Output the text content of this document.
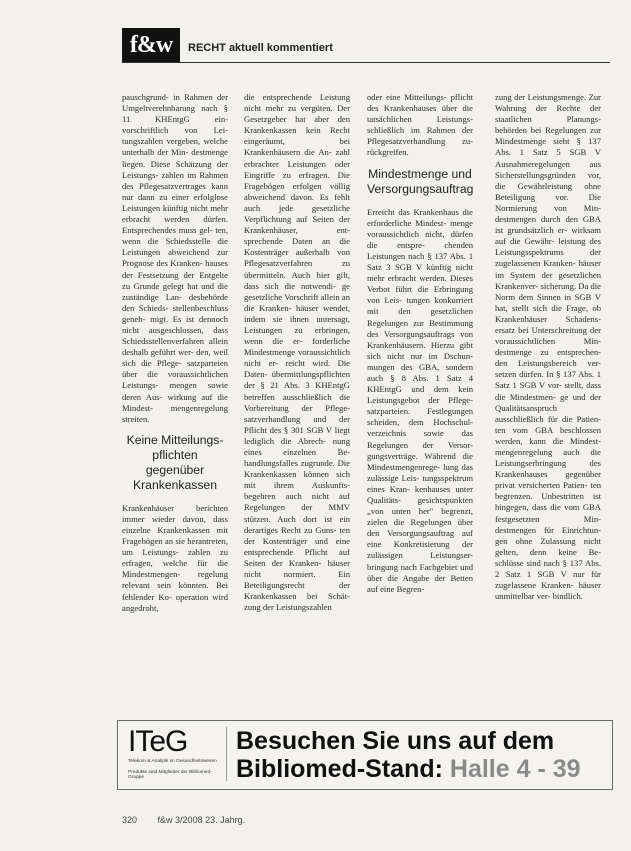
f&w	RECHT aktuell kommentiert

pauschgrund- in Rahmen der Umgeltverehnbarung nach § 11 KHEntgG ein- vorschriftlich von Lei- tungszahlen vergeben, welche unterhalb der Min- destmenge liegen. Diese Schätzung der Leistungs- zahlen im Rahmen des Pflegesatzvertrages kann nur dann zu einer erfolglose Leistungen künftig nicht mehr erbracht werden dürfen. Entsprechendes muss gel- ten, wenn die Schiedsstelle die Leistungen abweichend zur Prognose des Kranken- hauses der Festsetzung der Entgelte zu Grunde gelegt hat und die zuständige Lan- desbehörde den Schieds- stellenbeschluss geneh- migt. Es ist dennoch nicht ausgeschlossen, dass Schiedsstellenverfahren allein deshalb geführt wer- den, weil sich die Pflege- satzparteien über die voraussichtlichen Leistungs- mengen sowie deren Aus- wirkung auf die Mindest- mengenregelung streiten.

Keine Mitteilungs- pflichten gegenüber Krankenkassen

Krankenhäuser berichten immer wieder davon, dass einzelne Krankenkassen mit Fragebögen an sie herantreten, um Leistungs- zahlen zu erfragen, welche für die Mindestmengen- regelung relevant sein könnten. Bei fehlender Ko- operation wird angedroht,

die entsprechende Leistung nicht mehr zu vergüten. Der Gesetzgeber hat aber den Krankenkassen kein Recht eingeräumt, bei Krankenhäusern die An- zahl erbrachter Leistungen oder Eingriffe zu erfragen. Die Fragebögen erfolgen völlig abweichend davon. Es fehlt auch jede gesetzliche Verpflichtung auf Seiten der Krankenhäuser, ent- sprechende Daten an die Kostenträger außerhalb von Pflegesatzverfahren zu übermitteln. Auch hier gilt, dass sich die notwendi- ge gesetzliche Vorschrift allein an die Kranken- häuser wendet, indem sie ihnen untersagt, Leistungen zu erbringen, wenn die er- forderliche Mindestmenge voraussichtlich nicht er- reicht wird. Die Daten- übermittlungspflichten der § 21 Abs. 3 KHEntgG betreffen ausschließlich die Vorbereitung der Pflege- satzverhandlung und der Pflicht des § 301 SGB V liegt lediglich die Abrech- nung eines einzelnen Be- handlungsfalles zugrunde. Die Krankenkassen können sich mit ihrem Auskunfts- begehren auch nicht auf Regelungen der MMV stützen. Auch dort ist ein derartiges Recht zu Guns- ten der Kostenträger und eine entsprechende Pflicht auf Seiten der Kranken- häuser nicht normiert. Ein Beteiligungsrecht der Krankenkassen bei Schät- zung der Leistungszahlen

oder eine Mitteilungs- pflicht des Krankenhauses über die tatsächlichen Leistungs- schließlich im Rahmen der Pflegesatzverhandlung zu- rückgreifen.

Mindestmenge und Versorgungsauftrag

Erreicht das Krankenhaus die erforderliche Mindest- menge voraussichtlich nicht, dürfen die entspre- chenden Leistungen nach § 137 Abs. 1 Satz 3 SGB V künftig nicht mehr erbracht werden. Dieses Verbot führt die Erbringung von Leis- tungen konkurriert mit den gesetzlichen Regelungen zur Bestimmung des Versorgungsauftrags von Krankenhäusern. Hierzu gibt sich nicht nur im Dschun- mungen des GBA, sondern auch § 8 Abs. 1 Satz 4 KHEntgG und dem kein Leistungsgebot der Pflege- satzparteien. Festlegungen scheiden, dem Hochschul- verzeichnis sowie das Regelungen der Versor- gungsverträge. Während die Mindestmengenrege- lung das zulässige Leis- tungsspektrum eines Kran- kenhauses unter Qualitäts- gesichtspunkten „von unten her" begrenzt, zielen die Regelungen über den Versorgungsauftrag auf eine Konkretisierung der zulässigen Leistungser- bringung nach Fachgebiet und über die Angabe der Betten auf eine Begren-

zung der Leistungsmenge. Zur Wahrung der Rechte der staatlichen Planungs- behörden bei Regelungen zur Mindestmenge sieht § 137 Abs. 1 Satz 5 SGB V Ausnahmeregelungen aus Sicherstellungsgründen vor, die Gewährleistung ohne Beteiligung vor. Die Normierung von Min- destmengen durch den GBA ist grundsätzlich er- wirksam auf die Gewähr- leistung des Leistungsspektrums der zugelassenen Kranken- häuser im System der gesetzlichen Krankenver- sicherung. Da die Norm dem Sinnen in SGB V hat, stellt sich die Frage, ob Krankenhäuser Schadens- ersatz bei Unterschreitung der voraussichtlichen Min- destmenge zu entsprechen- den Leistungsbereich ver- setzen dürfen. In § 137 Abs. 1 Satz 1 SGB V vor- stellt, dass die Mindestmen- ge und der Qualitätsanspruch ausschließlich für die Patien- ten vom GBA beschlossen werden, kann die Mindest- mengenregelung auch die Leistungserbringung des Krankenhauses gegenüber privat versicherten Patien- ten begrenzen. Unbestritten ist hingegen, dass die vom GBA festgesetzten Min- destmengen für Einrichtun- gen ohne Zulassung nicht gelten, denn keine Be- schlüsse sind nach § 137 Abs. 2 Satz 1 SGB V nur für zugelassene Kranken- häuser unmittelbar ver- bindlich.

ITeG
Telekom & Analytik im Gesundheitswesen
Produkte sind Mitglieder der Bibliomed-Gruppe
Besuchen Sie uns auf dem
Bibliomed-Stand: Halle 4 - 39
320 f&w 3/2008 23. Jahrg.
